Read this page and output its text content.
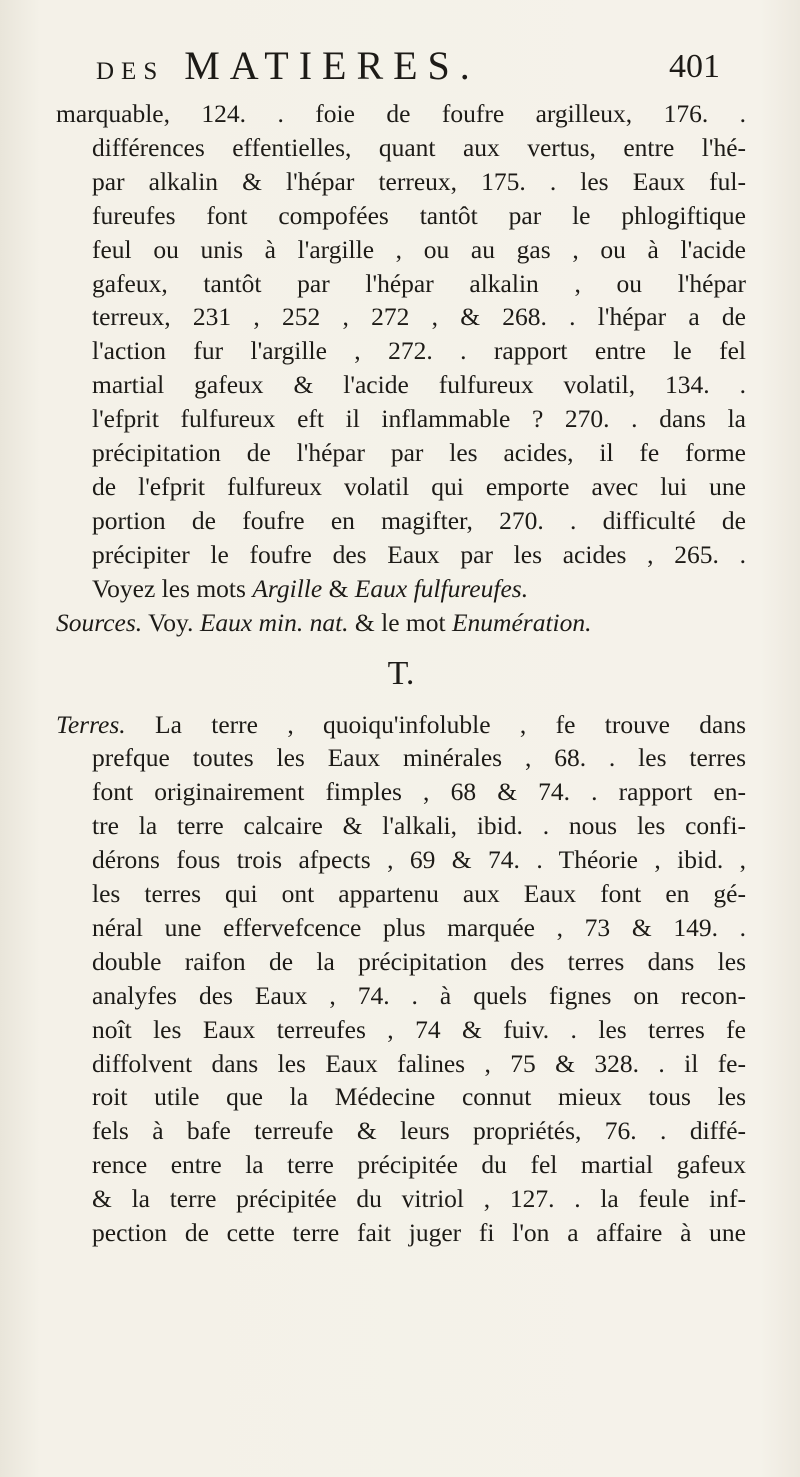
DES MATIERES.	401
marquable, 124. . foie de foufre argilleux, 176. .
différences effentielles, quant aux vertus, entre l'hé-
par alkalin & l'hépar terreux, 175. . les Eaux ful-
fureufes font compofées tantôt par le phlogiftique
feul ou unis à l'argille , ou au gas , ou à l'acide
gafeux, tantôt par l'hépar alkalin , ou l'hépar
terreux, 231 , 252 , 272 , & 268. . l'hépar a de
l'action fur l'argille , 272. . rapport entre le fel
martial gafeux & l'acide fulfureux volatil, 134. .
l'efprit fulfureux eft il inflammable ? 270. . dans la
précipitation de l'hépar par les acides, il fe forme
de l'efprit fulfureux volatil qui emporte avec lui une
portion de foufre en magifter, 270. . difficulté de
précipiter le foufre des Eaux par les acides , 265. .
Voyez les mots Argille & Eaux fulfureufes.
Sources. Voy. Eaux min. nat. & le mot Enumération.
T.
Terres. La terre , quoiqu'infoluble , fe trouve dans
prefque toutes les Eaux minérales , 68. . les terres
font originairement fimples , 68 & 74. . rapport en-
tre la terre calcaire & l'alkali, ibid. . nous les confi-
dérons fous trois afpects , 69 & 74. . Théorie , ibid. ,
les terres qui ont appartenu aux Eaux font en gé-
néral une effervefcence plus marquée , 73 & 149. .
double raifon de la précipitation des terres dans les
analyfes des Eaux , 74. . à quels fignes on recon-
noît les Eaux terreufes , 74 & fuiv. . les terres fe
diffolvent dans les Eaux falines , 75 & 328. . il fe-
roit utile que la Médecine connut mieux tous les
fels à bafe terreufe & leurs propriétés, 76. . diffé-
rence entre la terre précipitée du fel martial gafeux
& la terre précipitée du vitriol , 127. . la feule inf-
pection de cette terre fait juger fi l'on a affaire à une
